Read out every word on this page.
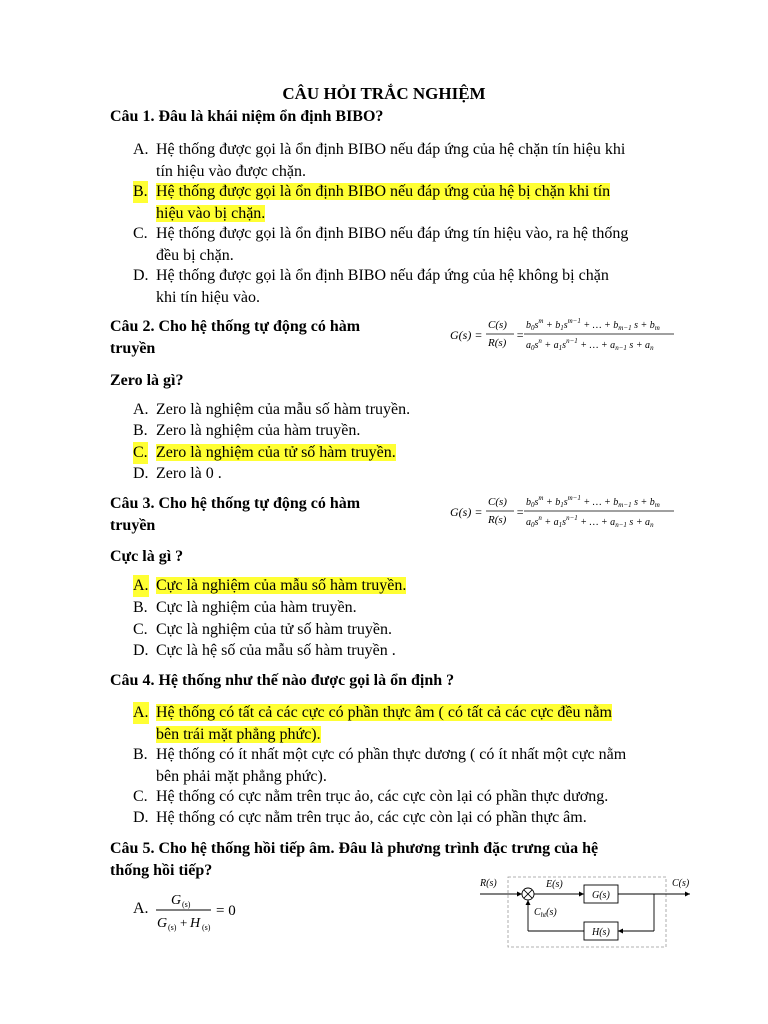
CÂU HỎI TRẮC NGHIỆM
Câu 1. Đâu là khái niệm ổn định BIBO?
A. Hệ thống được gọi là ổn định BIBO nếu đáp ứng của hệ chặn tín hiệu khi
tín hiệu vào được chặn.
B. Hệ thống được gọi là ổn định BIBO nếu đáp ứng của hệ bị chặn khi tín
hiệu vào bị chặn.
C. Hệ thống được gọi là ổn định BIBO nếu đáp ứng tín hiệu vào, ra hệ thống
đều bị chặn.
D. Hệ thống được gọi là ổn định BIBO nếu đáp ứng của hệ không bị chặn
khi tín hiệu vào.
Câu 2. Cho hệ thống tự động có hàm
truyền
G(s) =
C(s)
R(s)
=
$b_0s^m + b_1s^{m-1}$ + … + $b_{m-1}$ $s + b_m$
$a_0s^n + a_1s^{n-1}$ + … + $a_{n-1}$ $s + a_n$
Zero là gì?
A. Zero là nghiệm của mẫu số hàm truyền.
B. Zero là nghiệm của hàm truyền.
C. Zero là nghiệm của tử số hàm truyền.
D. Zero là 0 .
Câu 3. Cho hệ thống tự động có hàm
truyền
G(s) =
C(s)
R(s)
=
$b_0s^m + b_1s^{m-1}$ + … + $b_{m-1}$ $s + b_m$
$a_0s^n + a_1s^{n-1}$ + … + $a_{n-1}$ $s + a_n$
Cực là gì ?
A. Cực là nghiệm của mẫu số hàm truyền.
B. Cực là nghiệm của hàm truyền.
C. Cực là nghiệm của tử số hàm truyền.
D. Cực là hệ số của mẫu số hàm truyền .
Câu 4. Hệ thống như thế nào được gọi là ổn định ?
A. Hệ thống có tất cả các cực có phần thực âm ( có tất cả các cực đều nằm
bên trái mặt phẳng phức).
B. Hệ thống có ít nhất một cực có phần thực dương ( có ít nhất một cực nằm
bên phải mặt phẳng phức).
C. Hệ thống có cực nằm trên trục ảo, các cực còn lại có phần thực dương.
D. Hệ thống có cực nằm trên trục ảo, các cực còn lại có phần thực âm.
Câu 5. Cho hệ thống hồi tiếp âm. Đâu là phương trình đặc trưng của hệ
thống hồi tiếp?
A. G (s)
G (s) + H (s)
= 0
R(s)	E(s)
G(s)
C(s)
H(s)
$C_{ht}(s)$
